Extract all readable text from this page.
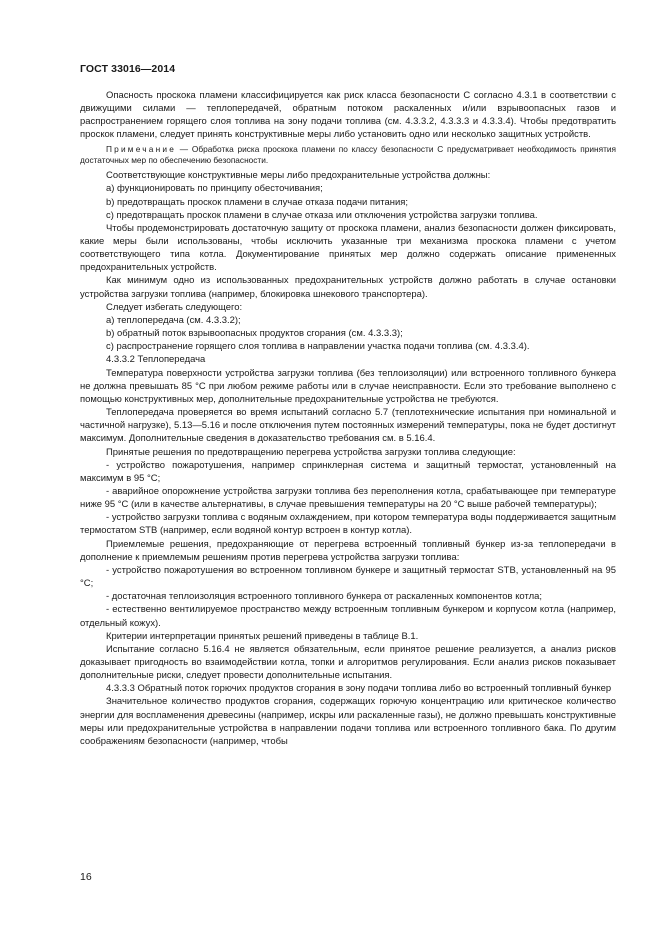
ГОСТ 33016—2014

Опасность проскока пламени классифицируется как риск класса безопасности С согласно 4.3.1 в соответствии с движущими силами — теплопередачей, обратным потоком раскаленных и/или взрывоопасных газов и распространением горящего слоя топлива на зону подачи топлива (см. 4.3.3.2, 4.3.3.3 и 4.3.3.4). Чтобы предотвратить проскок пламени, следует принять конструктивные меры либо установить одно или несколько защитных устройств.

Примечание — Обработка риска проскока пламени по классу безопасности С предусматривает необходимость принятия достаточных мер по обеспечению безопасности.

Соответствующие конструктивные меры либо предохранительные устройства должны:

a) функционировать по принципу обесточивания;

b) предотвращать проскок пламени в случае отказа подачи питания;

c) предотвращать проскок пламени в случае отказа или отключения устройства загрузки топлива.

Чтобы продемонстрировать достаточную защиту от проскока пламени, анализ безопасности должен фиксировать, какие меры были использованы, чтобы исключить указанные три механизма проскока пламени с учетом соответствующего типа котла. Документирование принятых мер должно содержать описание примененных предохранительных устройств.

Как минимум одно из использованных предохранительных устройств должно работать в случае остановки устройства загрузки топлива (например, блокировка шнекового транспортера).

Следует избегать следующего:

a) теплопередача (см. 4.3.3.2);

b) обратный поток взрывоопасных продуктов сгорания (см. 4.3.3.3);

c) распространение горящего слоя топлива в направлении участка подачи топлива (см. 4.3.3.4).

4.3.3.2 Теплопередача

Температура поверхности устройства загрузки топлива (без теплоизоляции) или встроенного топливного бункера не должна превышать 85 °C при любом режиме работы или в случае неисправности. Если это требование выполнено с помощью конструктивных мер, дополнительные предохранительные устройства не требуются.

Теплопередача проверяется во время испытаний согласно 5.7 (теплотехнические испытания при номинальной и частичной нагрузке), 5.13—5.16 и после отключения путем постоянных измерений температуры, пока не будет достигнут максимум. Дополнительные сведения в доказательство требования см. в 5.16.4.

Принятые решения по предотвращению перегрева устройства загрузки топлива следующие:

- устройство пожаротушения, например спринклерная система и защитный термостат, установленный на максимум в 95 °C;

- аварийное опорожнение устройства загрузки топлива без переполнения котла, срабатывающее при температуре ниже 95 °C (или в качестве альтернативы, в случае превышения температуры на 20 °C выше рабочей температуры);

- устройство загрузки топлива с водяным охлаждением, при котором температура воды поддерживается защитным термостатом STB (например, если водяной контур встроен в контур котла).

Приемлемые решения, предохраняющие от перегрева встроенный топливный бункер из-за теплопередачи в дополнение к приемлемым решениям против перегрева устройства загрузки топлива:

- устройство пожаротушения во встроенном топливном бункере и защитный термостат STB, установленный на 95 °C;

- достаточная теплоизоляция встроенного топливного бункера от раскаленных компонентов котла;

- естественно вентилируемое пространство между встроенным топливным бункером и корпусом котла (например, отдельный кожух).

Критерии интерпретации принятых решений приведены в таблице В.1.

Испытание согласно 5.16.4 не является обязательным, если принятое решение реализуется, а анализ рисков доказывает пригодность во взаимодействии котла, топки и алгоритмов регулирования. Если анализ рисков показывает дополнительные риски, следует провести дополнительные испытания.

4.3.3.3 Обратный поток горючих продуктов сгорания в зону подачи топлива либо во встроенный топливный бункер

Значительное количество продуктов сгорания, содержащих горючую концентрацию или критическое количество энергии для воспламенения древесины (например, искры или раскаленные газы), не должно превышать конструктивные меры или предохранительные устройства в направлении подачи топлива или встроенного топливного бака. По другим соображениям безопасности (например, чтобы

16
